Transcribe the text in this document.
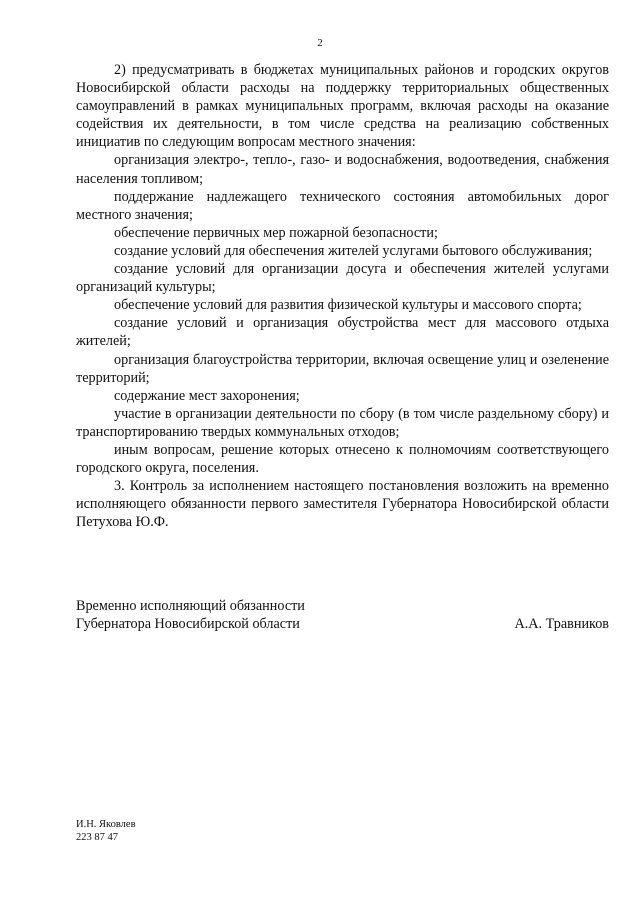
2

2) предусматривать в бюджетах муниципальных районов и городских округов Новосибирской области расходы на поддержку территориальных общественных самоуправлений в рамках муниципальных программ, включая расходы на оказание содействия их деятельности, в том числе средства на реализацию собственных инициатив по следующим вопросам местного значения:

организация электро-, тепло-, газо- и водоснабжения, водоотведения, снабжения населения топливом;

поддержание надлежащего технического состояния автомобильных дорог местного значения;

обеспечение первичных мер пожарной безопасности;

создание условий для обеспечения жителей услугами бытового обслуживания;

создание условий для организации досуга и обеспечения жителей услугами организаций культуры;

обеспечение условий для развития физической культуры и массового спорта;

создание условий и организация обустройства мест для массового отдыха жителей;

организация благоустройства территории, включая освещение улиц и озеленение территорий;

содержание мест захоронения;

участие в организации деятельности по сбору (в том числе раздельному сбору) и транспортированию твердых коммунальных отходов;

иным вопросам, решение которых отнесено к полномочиям соответствующего городского округа, поселения.

3. Контроль за исполнением настоящего постановления возложить на временно исполняющего обязанности первого заместителя Губернатора Новосибирской области Петухова Ю.Ф.

Временно исполняющий обязанности
Губернатора Новосибирской области	А.А. Травников
И.Н. Яковлев
223 87 47
